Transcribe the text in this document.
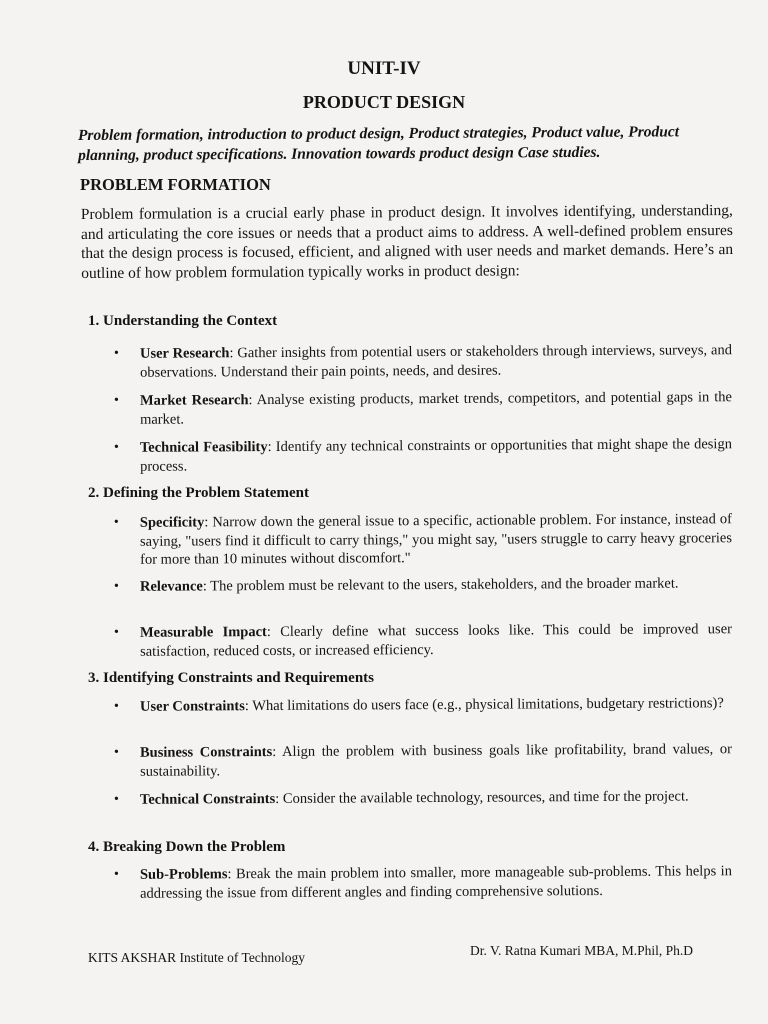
UNIT-IV
PRODUCT DESIGN
Problem formation, introduction to product design, Product strategies, Product value, Product planning, product specifications. Innovation towards product design Case studies.
PROBLEM FORMATION
Problem formulation is a crucial early phase in product design. It involves identifying, understanding, and articulating the core issues or needs that a product aims to address. A well-defined problem ensures that the design process is focused, efficient, and aligned with user needs and market demands. Here’s an outline of how problem formulation typically works in product design:
1. Understanding the Context
• User Research: Gather insights from potential users or stakeholders through interviews, surveys, and observations. Understand their pain points, needs, and desires.
• Market Research: Analyse existing products, market trends, competitors, and potential gaps in the market.
• Technical Feasibility: Identify any technical constraints or opportunities that might shape the design process.
2. Defining the Problem Statement
• Specificity: Narrow down the general issue to a specific, actionable problem. For instance, instead of saying, "users find it difficult to carry things," you might say, "users struggle to carry heavy groceries for more than 10 minutes without discomfort."
• Relevance: The problem must be relevant to the users, stakeholders, and the broader market.
• Measurable Impact: Clearly define what success looks like. This could be improved user satisfaction, reduced costs, or increased efficiency.
3. Identifying Constraints and Requirements
• User Constraints: What limitations do users face (e.g., physical limitations, budgetary restrictions)?
• Business Constraints: Align the problem with business goals like profitability, brand values, or sustainability.
• Technical Constraints: Consider the available technology, resources, and time for the project.
4. Breaking Down the Problem
• Sub-Problems: Break the main problem into smaller, more manageable sub-problems. This helps in addressing the issue from different angles and finding comprehensive solutions.
KITS AKSHAR Institute of Technology	Dr. V. Ratna Kumari MBA, M.Phil, Ph.D
